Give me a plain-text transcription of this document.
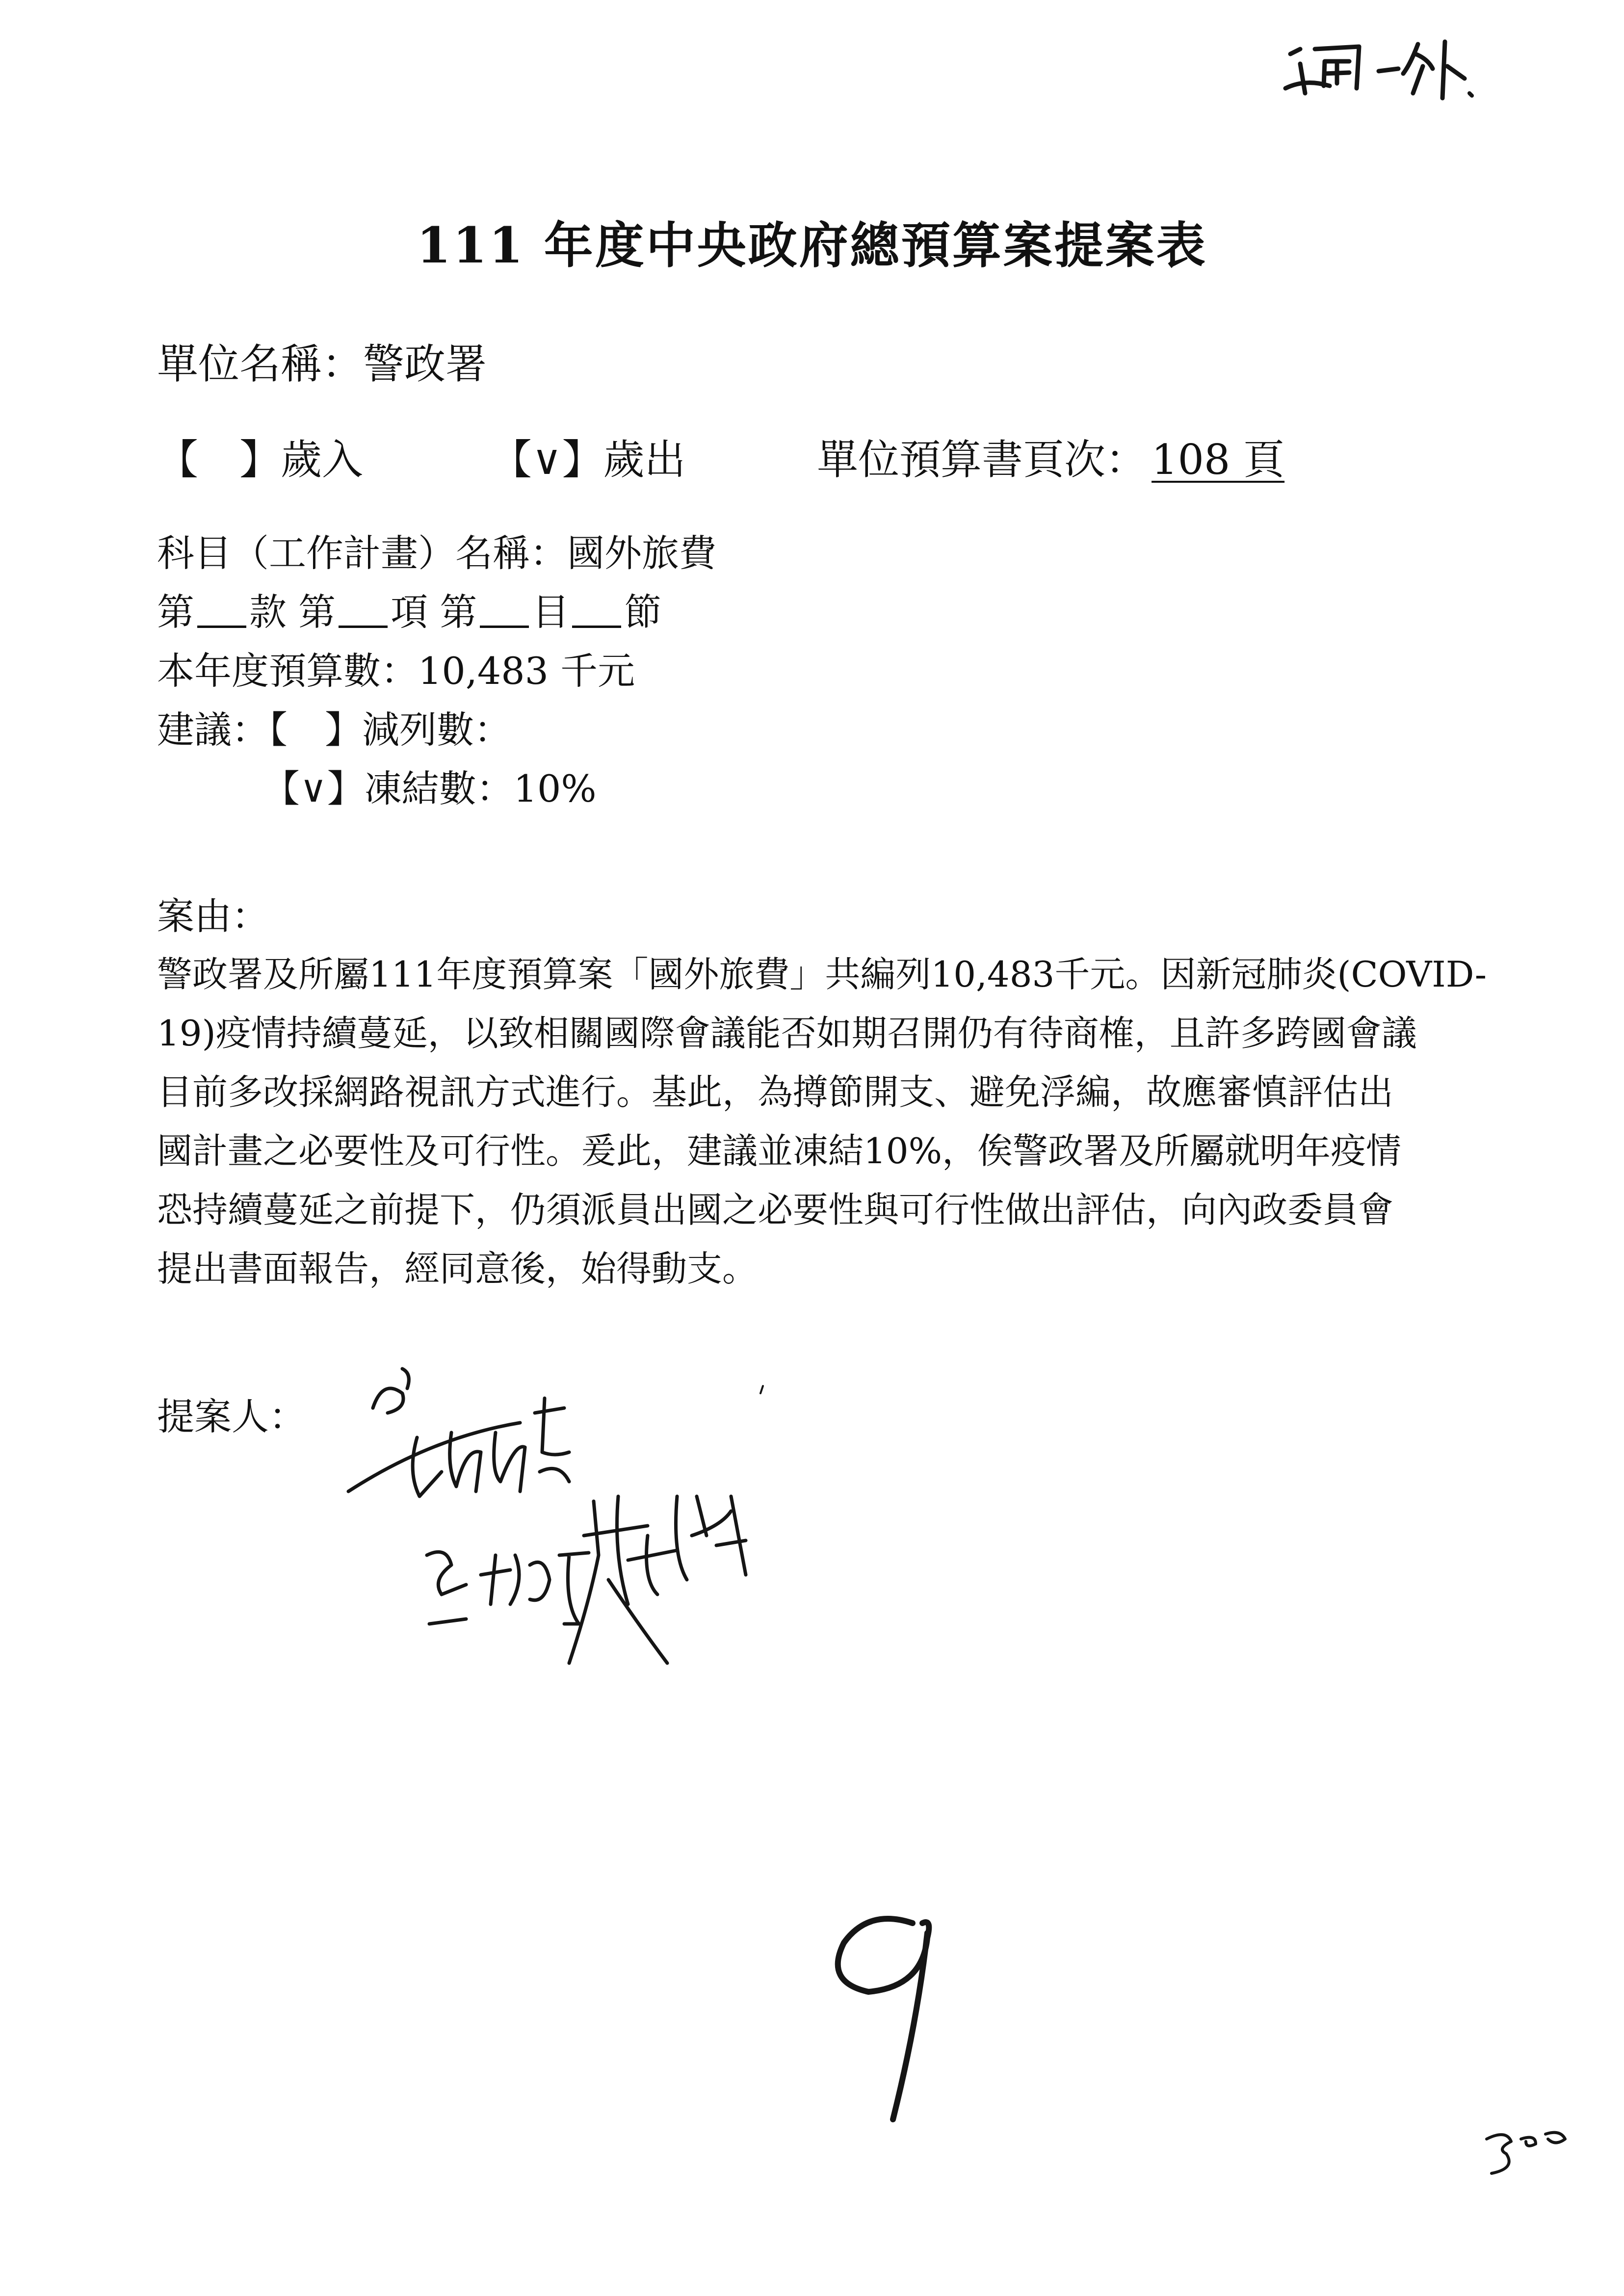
111 年度中央政府總預算案提案表
單位名稱：警政署
【　】歲入	【∨】歲出	單位預算書頁次： 108 頁
科目（工作計畫）名稱：國外旅費
第 款 第 項 第 目 節
本年度預算數：10,483 千元
建議：【　】減列數：
【∨】凍結數：10%
案由：
警政署及所屬111年度預算案「國外旅費」共編列10,483千元。因新冠肺炎(COVID-
19)疫情持續蔓延，以致相關國際會議能否如期召開仍有待商榷，且許多跨國會議
目前多改採網路視訊方式進行。基此，為撙節開支、避免浮編，故應審慎評估出
國計畫之必要性及可行性。爰此，建議並凍結10%，俟警政署及所屬就明年疫情
恐持續蔓延之前提下，仍須派員出國之必要性與可行性做出評估，向內政委員會
提出書面報告，經同意後，始得動支。
提案人：
